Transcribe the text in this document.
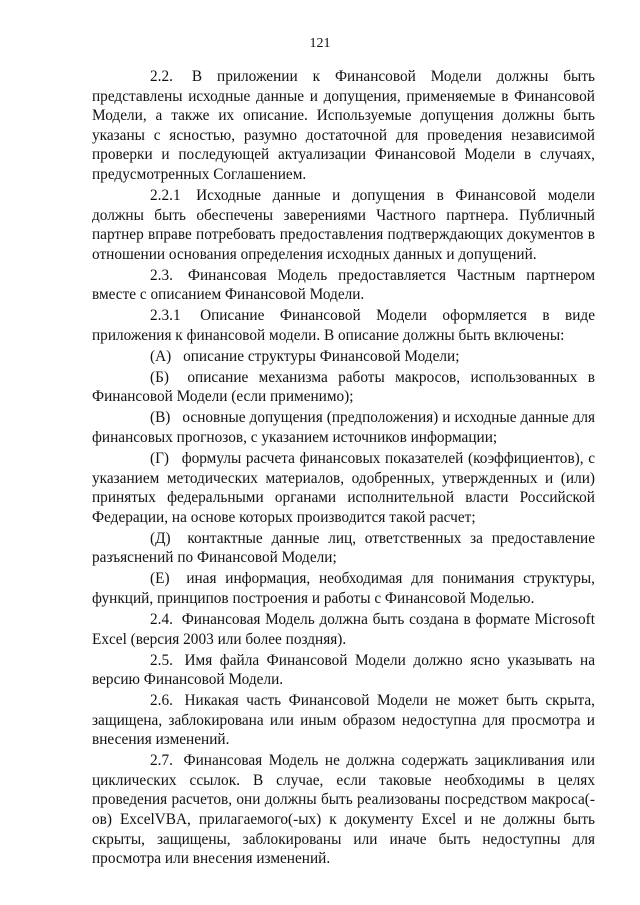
121

2.2. В приложении к Финансовой Модели должны быть представлены исходные данные и допущения, применяемые в Финансовой Модели, а также их описание. Используемые допущения должны быть указаны с ясностью, разумно достаточной для проведения независимой проверки и последующей актуализации Финансовой Модели в случаях, предусмотренных Соглашением.

2.2.1 Исходные данные и допущения в Финансовой модели должны быть обеспечены заверениями Частного партнера. Публичный партнер вправе потребовать предоставления подтверждающих документов в отношении основания определения исходных данных и допущений.

2.3. Финансовая Модель предоставляется Частным партнером вместе с описанием Финансовой Модели.

2.3.1 Описание Финансовой Модели оформляется в виде приложения к финансовой модели. В описание должны быть включены:

(А) описание структуры Финансовой Модели;

(Б) описание механизма работы макросов, использованных в Финансовой Модели (если применимо);

(В) основные допущения (предположения) и исходные данные для финансовых прогнозов, с указанием источников информации;

(Г) формулы расчета финансовых показателей (коэффициентов), с указанием методических материалов, одобренных, утвержденных и (или) принятых федеральными органами исполнительной власти Российской Федерации, на основе которых производится такой расчет;

(Д) контактные данные лиц, ответственных за предоставление разъяснений по Финансовой Модели;

(Е) иная информация, необходимая для понимания структуры, функций, принципов построения и работы с Финансовой Моделью.

2.4. Финансовая Модель должна быть создана в формате Microsoft Excel (версия 2003 или более поздняя).

2.5. Имя файла Финансовой Модели должно ясно указывать на версию Финансовой Модели.

2.6. Никакая часть Финансовой Модели не может быть скрыта, защищена, заблокирована или иным образом недоступна для просмотра и внесения изменений.

2.7. Финансовая Модель не должна содержать зацикливания или циклических ссылок. В случае, если таковые необходимы в целях проведения расчетов, они должны быть реализованы посредством макроса(-ов) ExcelVBA, прилагаемого(-ых) к документу Excel и не должны быть скрыты, защищены, заблокированы или иначе быть недоступны для просмотра или внесения изменений.
